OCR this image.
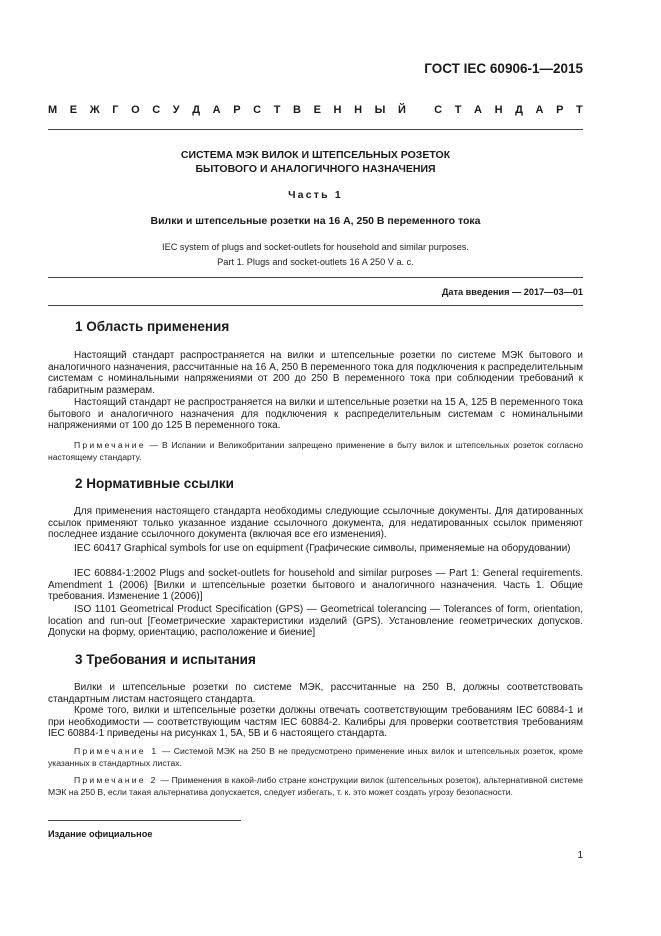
ГОСТ IEC 60906-1—2015
М Е Ж Г О С У Д А Р С Т В Е Н Н Ы Й
	С Т А Н Д А Р Т
СИСТЕМА МЭК ВИЛОК И ШТЕПСЕЛЬНЫХ РОЗЕТОК
БЫТОВОГО И АНАЛОГИЧНОГО НАЗНАЧЕНИЯ
Часть 1
Вилки и штепсельные розетки на 16 А, 250 В переменного тока
IEC system of plugs and socket-outlets for household and similar purposes.
Part 1. Plugs and socket-outlets 16 A 250 V a. c.
Дата введения — 2017—03—01
1 Область применения

Настоящий стандарт распространяется на вилки и штепсельные розетки по системе МЭК бытового и аналогичного назначения, рассчитанные на 16 А, 250 В переменного тока для подключения к распределительным системам с номинальными напряжениями от 200 до 250 В переменного тока при соблюдении требований к габаритным размерам.

Настоящий стандарт не распространяется на вилки и штепсельные розетки на 15 А, 125 В переменного тока бытового и аналогичного назначения для подключения к распределительным системам с номинальными напряжениями от 100 до 125 В переменного тока.

Примечание — В Испании и Великобритании запрещено применение в быту вилок и штепсельных розеток согласно настоящему стандарту.

2 Нормативные ссылки

Для применения настоящего стандарта необходимы следующие ссылочные документы. Для датированных ссылок применяют только указанное издание ссылочного документа, для недатированных ссылок применяют последнее издание ссылочного документа (включая все его изменения).

IEC 60417 Graphical symbols for use on equipment (Графические символы, применяемые на оборудовании)

IEC 60884-1:2002 Plugs and socket-outlets for household and similar purposes — Part 1: General requirements. Amendment 1 (2006) [Вилки и штепсельные розетки бытового и аналогичного назначения. Часть 1. Общие требования. Изменение 1 (2006)]

ISO 1101 Geometrical Product Specification (GPS) — Geometrical tolerancing — Tolerances of form, orientation, location and run-out [Геометрические характеристики изделий (GPS). Установление геометрических допусков. Допуски на форму, ориентацию, расположение и биение]

3 Требования и испытания

Вилки и штепсельные розетки по системе МЭК, рассчитанные на 250 В, должны соответствовать стандартным листам настоящего стандарта.

Кроме того, вилки и штепсельные розетки должны отвечать соответствующим требованиям IEC 60884-1 и при необходимости — соответствующим частям IEC 60884-2. Калибры для проверки соответствия требованиям IEC 60884-1 приведены на рисунках 1, 5А, 5В и 6 настоящего стандарта.

Примечание 1 — Системой МЭК на 250 В не предусмотрено применение иных вилок и штепсельных розеток, кроме указанных в стандартных листах.

Примечание 2 — Применения в какой-либо стране конструкции вилок (штепсельных розеток), альтернативной системе МЭК на 250 В, если такая альтернатива допускается, следует избегать, т. к. это может создать угрозу безопасности.

Издание официальное
1
